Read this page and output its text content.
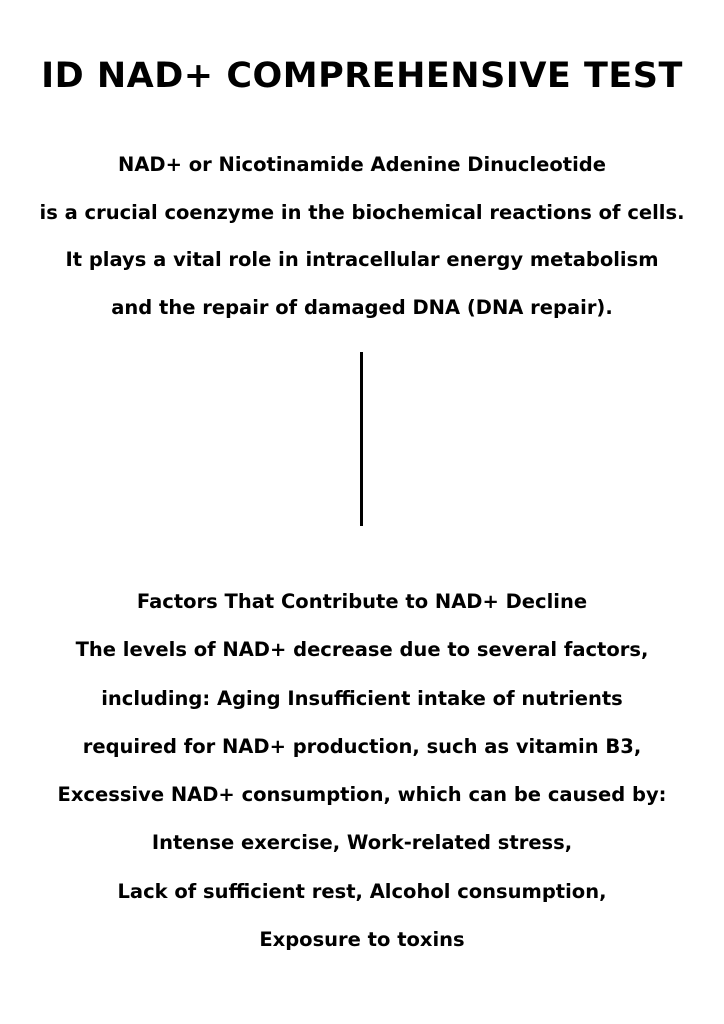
ID NAD+ COMPREHENSIVE TEST
NAD+ or Nicotinamide Adenine Dinucleotide
is a crucial coenzyme in the biochemical reactions of cells.
It plays a vital role in intracellular energy metabolism
and the repair of damaged DNA (DNA repair).
Factors That Contribute to NAD+ Decline
The levels of NAD+ decrease due to several factors,
including: Aging Insufficient intake of nutrients
required for NAD+ production, such as vitamin B3,
Excessive NAD+ consumption, which can be caused by:
Intense exercise, Work-related stress,
Lack of sufficient rest, Alcohol consumption,
Exposure to toxins
